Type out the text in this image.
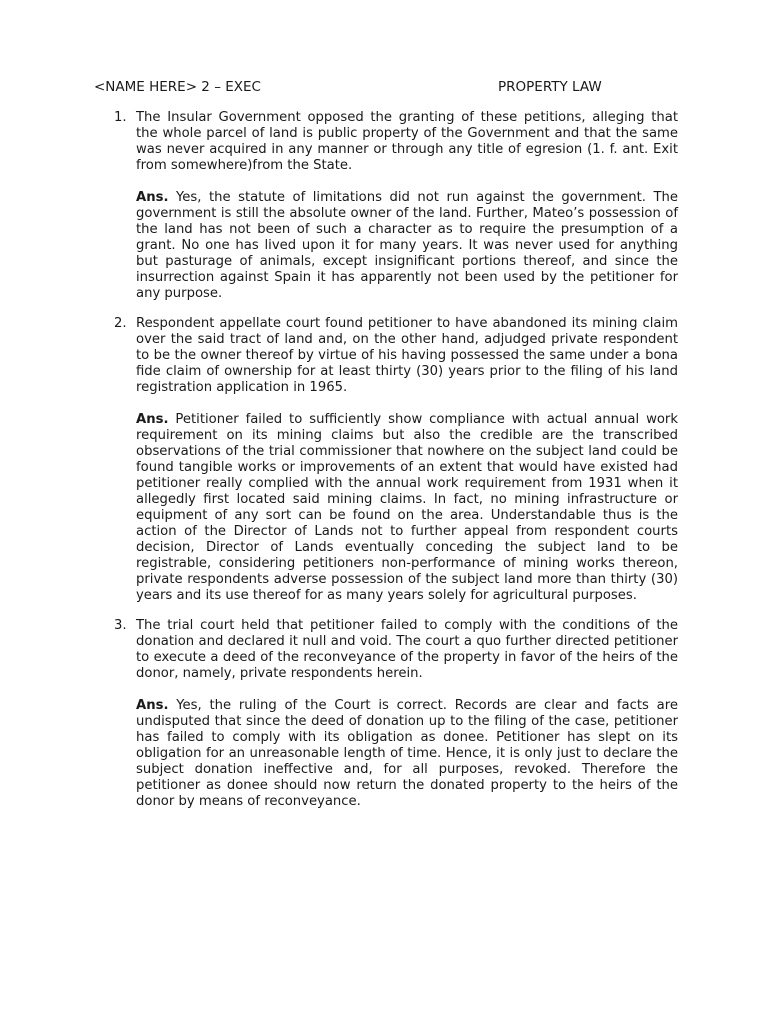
<NAME HERE> 2 – EXEC	PROPERTY LAW
1. The Insular Government opposed the granting of these petitions, alleging that the whole parcel of land is public property of the Government and that the same was never acquired in any manner or through any title of egresion (1. f. ant. Exit from somewhere)from the State.

Ans. Yes, the statute of limitations did not run against the government. The government is still the absolute owner of the land. Further, Mateo’s possession of the land has not been of such a character as to require the presumption of a grant. No one has lived upon it for many years. It was never used for anything but pasturage of animals, except insignificant portions thereof, and since the insurrection against Spain it has apparently not been used by the petitioner for any purpose.

2. Respondent appellate court found petitioner to have abandoned its mining claim over the said tract of land and, on the other hand, adjudged private respondent to be the owner thereof by virtue of his having possessed the same under a bona fide claim of ownership for at least thirty (30) years prior to the filing of his land registration application in 1965.

Ans. Petitioner failed to sufficiently show compliance with actual annual work requirement on its mining claims but also the credible are the transcribed observations of the trial commissioner that nowhere on the subject land could be found tangible works or improvements of an extent that would have existed had petitioner really complied with the annual work requirement from 1931 when it allegedly first located said mining claims. In fact, no mining infrastructure or equipment of any sort can be found on the area. Understandable thus is the action of the Director of Lands not to further appeal from respondent courts decision, Director of Lands eventually conceding the subject land to be registrable, considering petitioners non-performance of mining works thereon, private respondents adverse possession of the subject land more than thirty (30) years and its use thereof for as many years solely for agricultural purposes.

3. The trial court held that petitioner failed to comply with the conditions of the donation and declared it null and void. The court a quo further directed petitioner to execute a deed of the reconveyance of the property in favor of the heirs of the donor, namely, private respondents herein.

Ans. Yes, the ruling of the Court is correct. Records are clear and facts are undisputed that since the deed of donation up to the filing of the case, petitioner has failed to comply with its obligation as donee. Petitioner has slept on its obligation for an unreasonable length of time. Hence, it is only just to declare the subject donation ineffective and, for all purposes, revoked. Therefore the petitioner as donee should now return the donated property to the heirs of the donor by means of reconveyance.
